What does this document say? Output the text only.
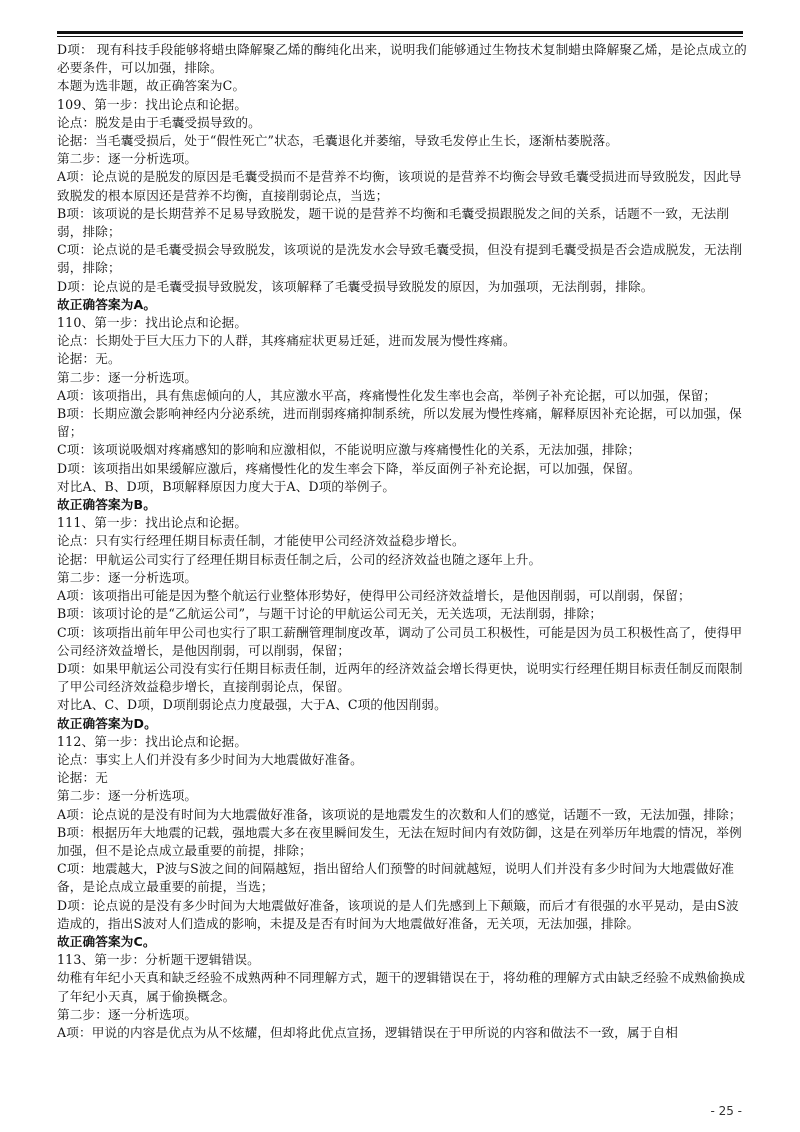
D项： 现有科技手段能够将蜡虫降解聚乙烯的酶纯化出来，说明我们能够通过生物技术复制蜡虫降解聚乙烯，是论点成立的必要条件，可以加强，排除。

本题为选非题，故正确答案为C。

109、第一步：找出论点和论据。

论点：脱发是由于毛囊受损导致的。

论据：当毛囊受损后，处于“假性死亡”状态，毛囊退化并萎缩，导致毛发停止生长，逐渐枯萎脱落。

第二步：逐一分析选项。

A项：论点说的是脱发的原因是毛囊受损而不是营养不均衡，该项说的是营养不均衡会导致毛囊受损进而导致脱发，因此导致脱发的根本原因还是营养不均衡，直接削弱论点，当选；

B项：该项说的是长期营养不足易导致脱发，题干说的是营养不均衡和毛囊受损跟脱发之间的关系，话题不一致，无法削弱，排除；

C项：论点说的是毛囊受损会导致脱发，该项说的是洗发水会导致毛囊受损，但没有提到毛囊受损是否会造成脱发，无法削弱，排除；

D项：论点说的是毛囊受损导致脱发，该项解释了毛囊受损导致脱发的原因，为加强项，无法削弱，排除。

故正确答案为A。

110、第一步：找出论点和论据。

论点：长期处于巨大压力下的人群，其疼痛症状更易迁延，进而发展为慢性疼痛。

论据：无。

第二步：逐一分析选项。

A项：该项指出，具有焦虑倾向的人，其应激水平高，疼痛慢性化发生率也会高，举例子补充论据，可以加强，保留；

B项：长期应激会影响神经内分泌系统，进而削弱疼痛抑制系统，所以发展为慢性疼痛，解释原因补充论据，可以加强，保留；

C项：该项说吸烟对疼痛感知的影响和应激相似，不能说明应激与疼痛慢性化的关系，无法加强，排除；

D项：该项指出如果缓解应激后，疼痛慢性化的发生率会下降，举反面例子补充论据，可以加强，保留。

对比A、B、D项，B项解释原因力度大于A、D项的举例子。

故正确答案为B。

111、第一步：找出论点和论据。

论点：只有实行经理任期目标责任制，才能使甲公司经济效益稳步增长。

论据：甲航运公司实行了经理任期目标责任制之后，公司的经济效益也随之逐年上升。

第二步：逐一分析选项。

A项：该项指出可能是因为整个航运行业整体形势好，使得甲公司经济效益增长，是他因削弱，可以削弱，保留；

B项：该项讨论的是“乙航运公司”，与题干讨论的甲航运公司无关，无关选项，无法削弱，排除；

C项：该项指出前年甲公司也实行了职工薪酬管理制度改革，调动了公司员工积极性，可能是因为员工积极性高了，使得甲公司经济效益增长，是他因削弱，可以削弱，保留；

D项：如果甲航运公司没有实行任期目标责任制，近两年的经济效益会增长得更快，说明实行经理任期目标责任制反而限制了甲公司经济效益稳步增长，直接削弱论点，保留。

对比A、C、D项，D项削弱论点力度最强，大于A、C项的他因削弱。

故正确答案为D。

112、第一步：找出论点和论据。

论点：事实上人们并没有多少时间为大地震做好准备。

论据：无

第二步：逐一分析选项。

A项：论点说的是没有时间为大地震做好准备，该项说的是地震发生的次数和人们的感觉，话题不一致，无法加强，排除；

B项：根据历年大地震的记载，强地震大多在夜里瞬间发生，无法在短时间内有效防御，这是在列举历年地震的情况，举例加强，但不是论点成立最重要的前提，排除；

C项：地震越大，P波与S波之间的间隔越短，指出留给人们预警的时间就越短，说明人们并没有多少时间为大地震做好准备，是论点成立最重要的前提，当选；

D项：论点说的是没有多少时间为大地震做好准备，该项说的是人们先感到上下颠簸，而后才有很强的水平晃动，是由S波造成的，指出S波对人们造成的影响，未提及是否有时间为大地震做好准备，无关项，无法加强，排除。

故正确答案为C。

113、第一步：分析题干逻辑错误。

幼稚有年纪小天真和缺乏经验不成熟两种不同理解方式，题干的逻辑错误在于，将幼稚的理解方式由缺乏经验不成熟偷换成了年纪小天真，属于偷换概念。

第二步：逐一分析选项。

A项：甲说的内容是优点为从不炫耀，但却将此优点宣扬，逻辑错误在于甲所说的内容和做法不一致，属于自相

- 25 -
